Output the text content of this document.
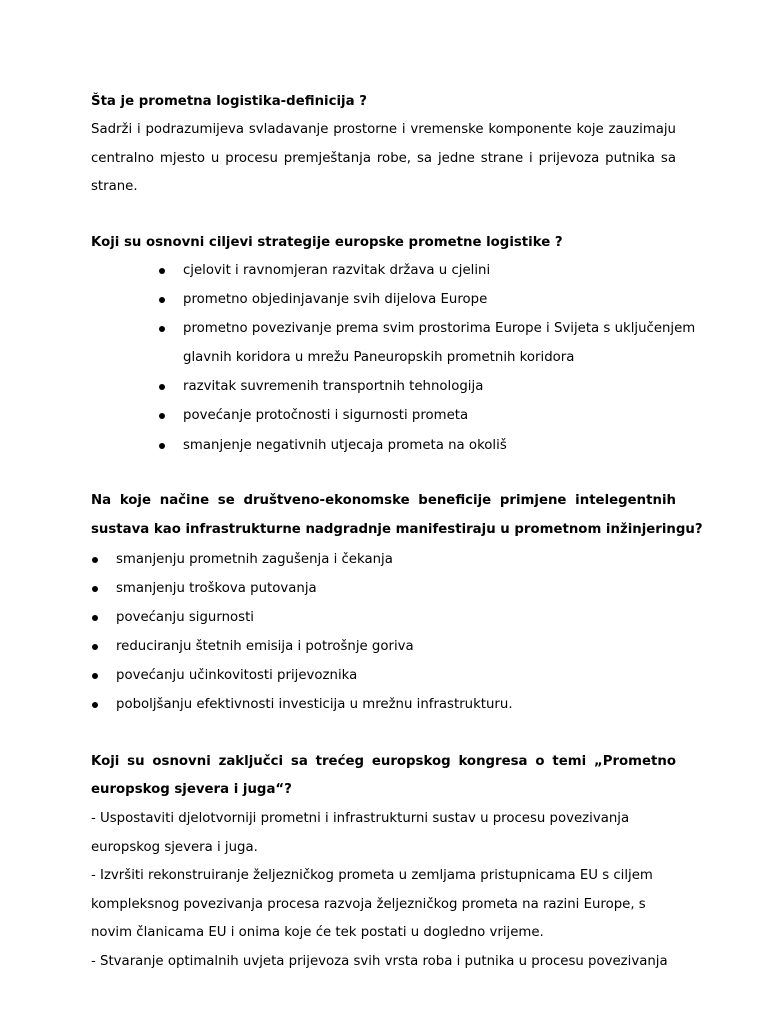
Šta je prometna logistika-definicija ?
Sadrži i podrazumijeva svladavanje prostorne i vremenske komponente koje zauzimaju
centralno mjesto u procesu premještanja robe, sa jedne strane i prijevoza putnika sa
strane.
Koji su osnovni ciljevi strategije europske prometne logistike ?
cjelovit i ravnomjeran razvitak država u cjelini
prometno objedinjavanje svih dijelova Europe
prometno povezivanje prema svim prostorima Europe i Svijeta s uključenjem
glavnih koridora u mrežu Paneuropskih prometnih koridora
razvitak suvremenih transportnih tehnologija
povećanje protočnosti i sigurnosti prometa
smanjenje negativnih utjecaja prometa na okoliš
Na koje načine se društveno-ekonomske beneficije primjene intelegentnih
sustava kao infrastrukturne nadgradnje manifestiraju u prometnom inžinjeringu?
smanjenju prometnih zagušenja i čekanja
smanjenju troškova putovanja
povećanju sigurnosti
reduciranju štetnih emisija i potrošnje goriva
povećanju učinkovitosti prijevoznika
poboljšanju efektivnosti investicija u mrežnu infrastrukturu.
Koji su osnovni zaključci sa trećeg europskog kongresa o temi „Prometno
europskog sjevera i juga“?
- Uspostaviti djelotvorniji prometni i infrastrukturni sustav u procesu povezivanja
europskog sjevera i juga.
- Izvršiti rekonstruiranje željezničkog prometa u zemljama pristupnicama EU s ciljem
kompleksnog povezivanja procesa razvoja željezničkog prometa na razini Europe, s
novim članicama EU i onima koje će tek postati u dogledno vrijeme.
- Stvaranje optimalnih uvjeta prijevoza svih vrsta roba i putnika u procesu povezivanja
